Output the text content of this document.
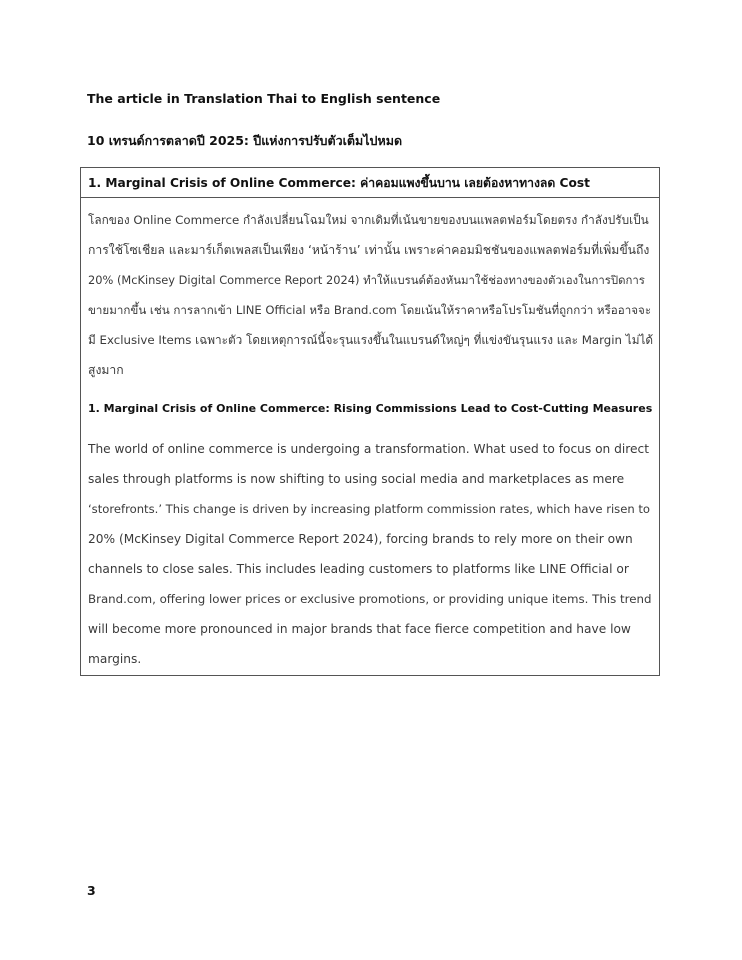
The article in Translation Thai to English sentence
10 เทรนด์การตลาดปี 2025: ปีแห่งการปรับตัวเต็มไปหมด
1. Marginal Crisis of Online Commerce: ค่าคอมแพงขึ้นบาน เลยต้องหาทางลด Cost

โลกของ Online Commerce กำลังเปลี่ยนโฉมใหม่ จากเดิมที่เน้นขายของบนแพลตฟอร์มโดยตรง กำลังปรับเป็น
การใช้โซเชียล และมาร์เก็ตเพลสเป็นเพียง ‘หน้าร้าน’ เท่านั้น เพราะค่าคอมมิชชันของแพลตฟอร์มที่เพิ่มขึ้นถึง
20% (McKinsey Digital Commerce Report 2024) ทำให้แบรนด์ต้องหันมาใช้ช่องทางของตัวเองในการปิดการ
ขายมากขึ้น เช่น การลากเข้า LINE Official หรือ Brand.com โดยเน้นให้ราคาหรือโปรโมชันที่ถูกกว่า หรืออาจจะ
มี Exclusive Items เฉพาะตัว โดยเหตุการณ์นี้จะรุนแรงขึ้นในแบรนด์ใหญ่ๆ ที่แข่งขันรุนแรง และ Margin ไม่ได้
สูงมาก

1. Marginal Crisis of Online Commerce: Rising Commissions Lead to Cost-Cutting Measures

The world of online commerce is undergoing a transformation. What used to focus on direct
sales through platforms is now shifting to using social media and marketplaces as mere
‘storefronts.’ This change is driven by increasing platform commission rates, which have risen to
20% (McKinsey Digital Commerce Report 2024), forcing brands to rely more on their own
channels to close sales. This includes leading customers to platforms like LINE Official or
Brand.com, offering lower prices or exclusive promotions, or providing unique items. This trend
will become more pronounced in major brands that face fierce competition and have low
margins.

3
